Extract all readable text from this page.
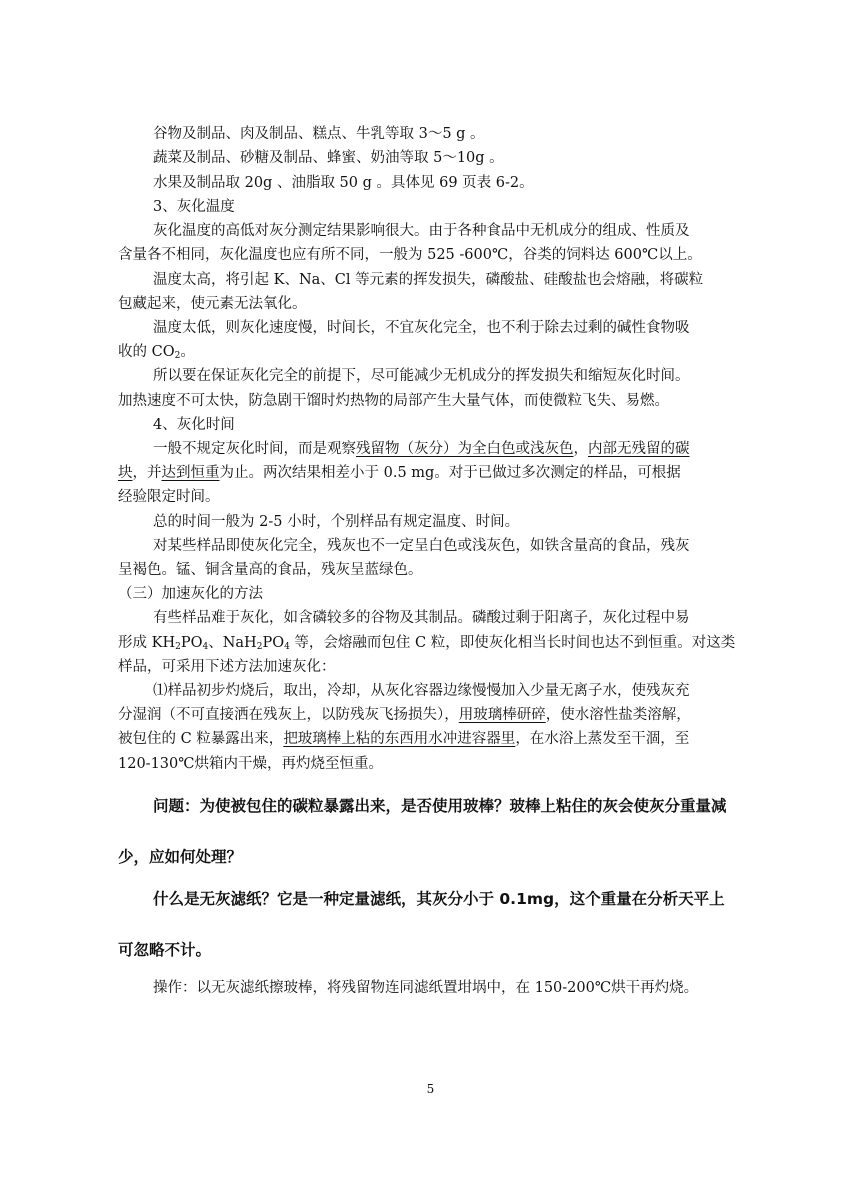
谷物及制品、肉及制品、糕点、牛乳等取 3～5 g 。
蔬菜及制品、砂糖及制品、蜂蜜、奶油等取 5～10g 。
水果及制品取 20g 、油脂取 50 g 。具体见 69 页表 6-2。
3、灰化温度
灰化温度的高低对灰分测定结果影响很大。由于各种食品中无机成分的组成、性质及
含量各不相同，灰化温度也应有所不同，一般为 525 -600℃，谷类的饲料达 600℃以上。
温度太高，将引起 K、Na、Cl 等元素的挥发损失，磷酸盐、硅酸盐也会熔融，将碳粒
包藏起来，使元素无法氧化。
温度太低，则灰化速度慢，时间长，不宜灰化完全，也不利于除去过剩的碱性食物吸
收的 $CO_2$。
所以要在保证灰化完全的前提下，尽可能减少无机成分的挥发损失和缩短灰化时间。
加热速度不可太快，防急剧干馏时灼热物的局部产生大量气体，而使微粒飞失、易燃。
4、灰化时间
一般不规定灰化时间，而是观察残留物（灰分）为全白色或浅灰色，内部无残留的碳
块，并达到恒重为止。两次结果相差小于 0.5 mg。对于已做过多次测定的样品，可根据
经验限定时间。
总的时间一般为 2-5 小时，个别样品有规定温度、时间。
对某些样品即使灰化完全，残灰也不一定呈白色或浅灰色，如铁含量高的食品，残灰
呈褐色。锰、铜含量高的食品，残灰呈蓝绿色。
（三）加速灰化的方法
有些样品难于灰化，如含磷较多的谷物及其制品。磷酸过剩于阳离子，灰化过程中易
形成 $KH_2PO_4$、$NaH_2PO_4$ 等，会熔融而包住 C 粒，即使灰化相当长时间也达不到恒重。对这类
样品，可采用下述方法加速灰化：
⑴样品初步灼烧后，取出，冷却，从灰化容器边缘慢慢加入少量无离子水，使残灰充
分湿润（不可直接洒在残灰上，以防残灰飞扬损失），用玻璃棒研碎，使水溶性盐类溶解，
被包住的 C 粒暴露出来，把玻璃棒上粘的东西用水冲进容器里，在水浴上蒸发至干涸，至
120-130℃烘箱内干燥，再灼烧至恒重。
问题：为使被包住的碳粒暴露出来，是否使用玻棒？玻棒上粘住的灰会使灰分重量减
少，应如何处理？
什么是无灰滤纸？它是一种定量滤纸，其灰分小于 0.1mg，这个重量在分析天平上
可忽略不计。
操作：以无灰滤纸擦玻棒，将残留物连同滤纸置坩埚中，在 150-200℃烘干再灼烧。
5
